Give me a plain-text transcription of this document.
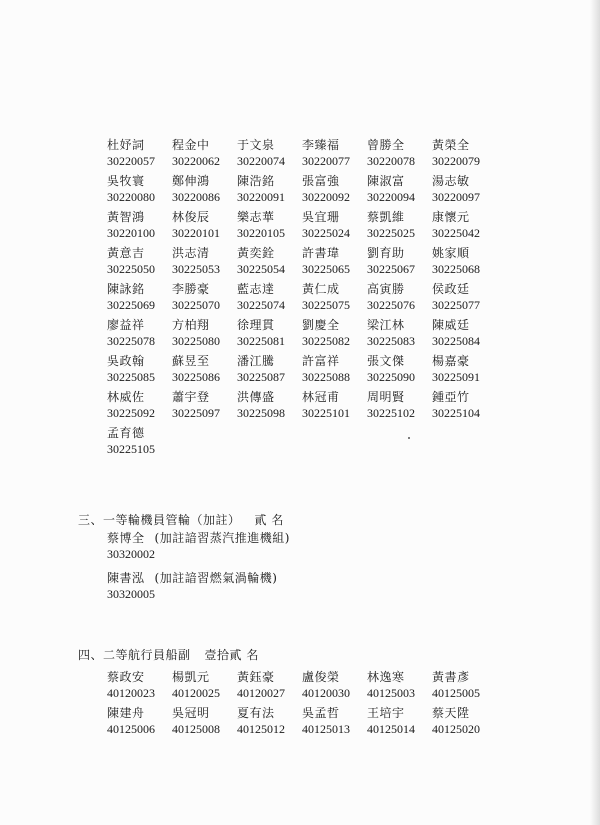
杜妤詞
30220057
程金中
30220062
于文泉
30220074
李臻福
30220077
曾勝全
30220078
黃榮全
30220079
吳牧寰
30220080
鄭伸鴻
30220086
陳浩銘
30220091
張富強
30220092
陳淑富
30220094
湯志敏
30220097
黃智鴻
30220100
林俊辰
30220101
樂志華
30220105
吳宜珊
30225024
蔡凱維
30225025
康懷元
30225042
黃意吉
30225050
洪志清
30225053
黃奕銓
30225054
許書瑋
30225065
劉育助
30225067
姚家順
30225068
陳詠銘
30225069
李勝豪
30225070
藍志達
30225074
黃仁成
30225075
高寅勝
30225076
侯政廷
30225077
廖益祥
30225078
方柏翔
30225080
徐理貫
30225081
劉慶全
30225082
梁江林
30225083
陳威廷
30225084
吳政翰
30225085
蘇昱至
30225086
潘江騰
30225087
許富祥
30225088
張文傑
30225090
楊嘉豪
30225091
林威佐
30225092
蕭宇登
30225097
洪傳盛
30225098
林冠甫
30225101
周明賢
30225102
鍾亞竹
30225104
孟育德
30225105
三、一等輪機員管輪（加註） 貳 名
蔡博全 (加註諳習蒸汽推進機組)
30320002
陳書泓 (加註諳習燃氣渦輪機)
30320005
四、二等航行員船副 壹拾貳 名
蔡政安
40120023
楊凱元
40120025
黃鈺豪
40120027
盧俊榮
40120030
林逸寒
40125003
黃書彥
40125005
陳建舟
40125006
吳冠明
40125008
夏有法
40125012
吳孟哲
40125013
王培宇
40125014
蔡天陞
40125020
